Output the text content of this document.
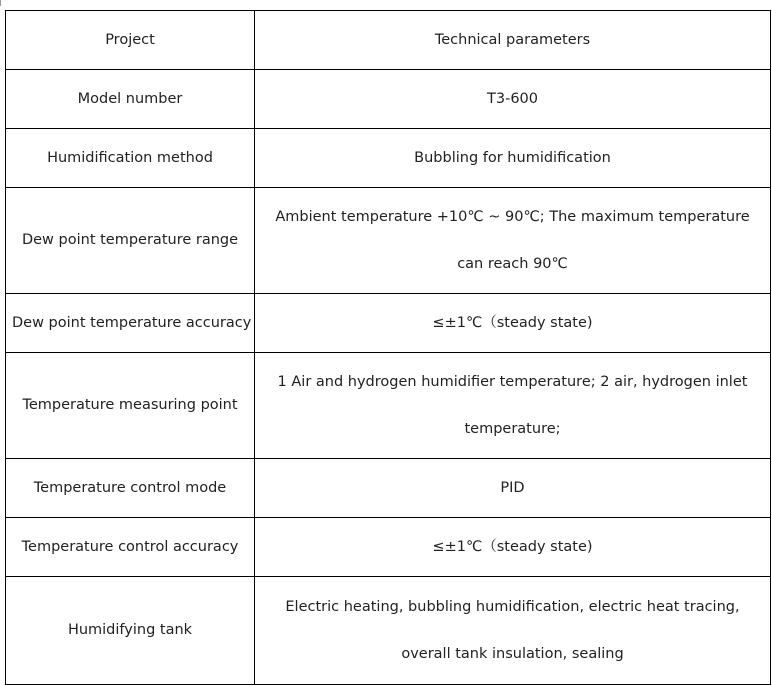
Project	Technical parameters
Model number	T3-600
Humidification method	Bubbling for humidification
Dew point temperature range	Ambient temperature +10℃ ~ 90℃; The maximum temperature can reach 90℃
Dew point temperature accuracy	≤±1℃（steady state)
Temperature measuring point	1 Air and hydrogen humidifier temperature; 2 air, hydrogen inlet temperature;
Temperature control mode	PID
Temperature control accuracy	≤±1℃（steady state)
Humidifying tank	Electric heating, bubbling humidification, electric heat tracing, overall tank insulation, sealing
